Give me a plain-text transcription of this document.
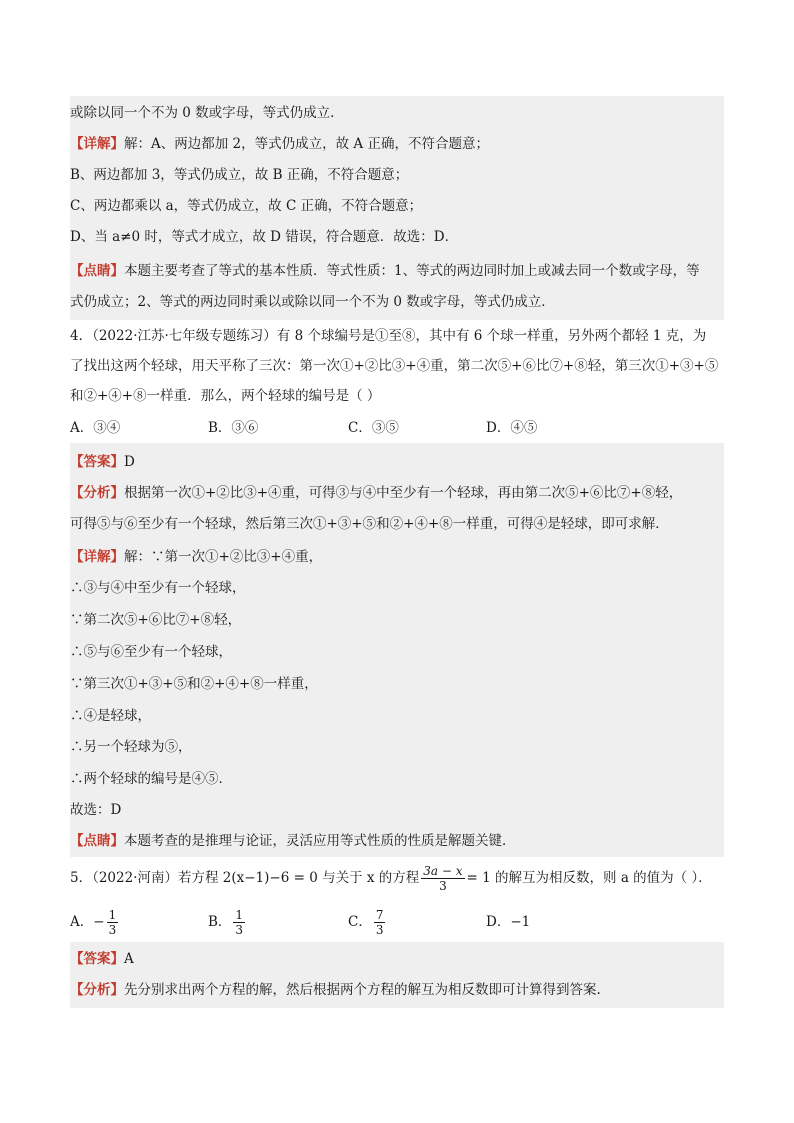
或除以同一个不为 0 数或字母，等式仍成立．
【详解】解：A、两边都加 2，等式仍成立，故 A 正确，不符合题意；
B、两边都加 3，等式仍成立，故 B 正确，不符合题意；
C、两边都乘以 a，等式仍成立，故 C 正确，不符合题意；
D、当 a≠0 时，等式才成立，故 D 错误，符合题意．故选：D．
【点睛】本题主要考查了等式的基本性质．等式性质：1、等式的两边同时加上或减去同一个数或字母，等
式仍成立；2、等式的两边同时乘以或除以同一个不为 0 数或字母，等式仍成立．
4．（2022·江苏·七年级专题练习）有 8 个球编号是①至⑧，其中有 6 个球一样重，另外两个都轻 1 克，为
了找出这两个轻球，用天平称了三次：第一次①+②比③+④重，第二次⑤+⑥比⑦+⑧轻，第三次①+③+⑤
和②+④+⑧一样重．那么，两个轻球的编号是（ ）
A．③④	B．③⑥	C．③⑤	D．④⑤
【答案】D
【分析】根据第一次①+②比③+④重，可得③与④中至少有一个轻球，再由第二次⑤+⑥比⑦+⑧轻，
可得⑤与⑥至少有一个轻球，然后第三次①+③+⑤和②+④+⑧一样重，可得④是轻球，即可求解．
【详解】解：∵第一次①+②比③+④重，
∴③与④中至少有一个轻球，
∵第二次⑤+⑥比⑦+⑧轻，
∴⑤与⑥至少有一个轻球，
∵第三次①+③+⑤和②+④+⑧一样重，
∴④是轻球，
∴另一个轻球为⑤，
∴两个轻球的编号是④⑤．
故选：D
【点睛】本题考查的是推理与论证，灵活应用等式性质的性质是解题关键．
5．（2022·河南）若方程 2(x−1)−6 = 0 与关于 x 的方程 $\frac{3a - x}{3} = 1$ 的解互为相反数，则 a 的值为（ ）．
A．− $\frac{1}{3}$	B． $\frac{1}{3}$	C． $\frac{7}{3}$	D．−1
【答案】A
【分析】先分别求出两个方程的解，然后根据两个方程的解互为相反数即可计算得到答案.
